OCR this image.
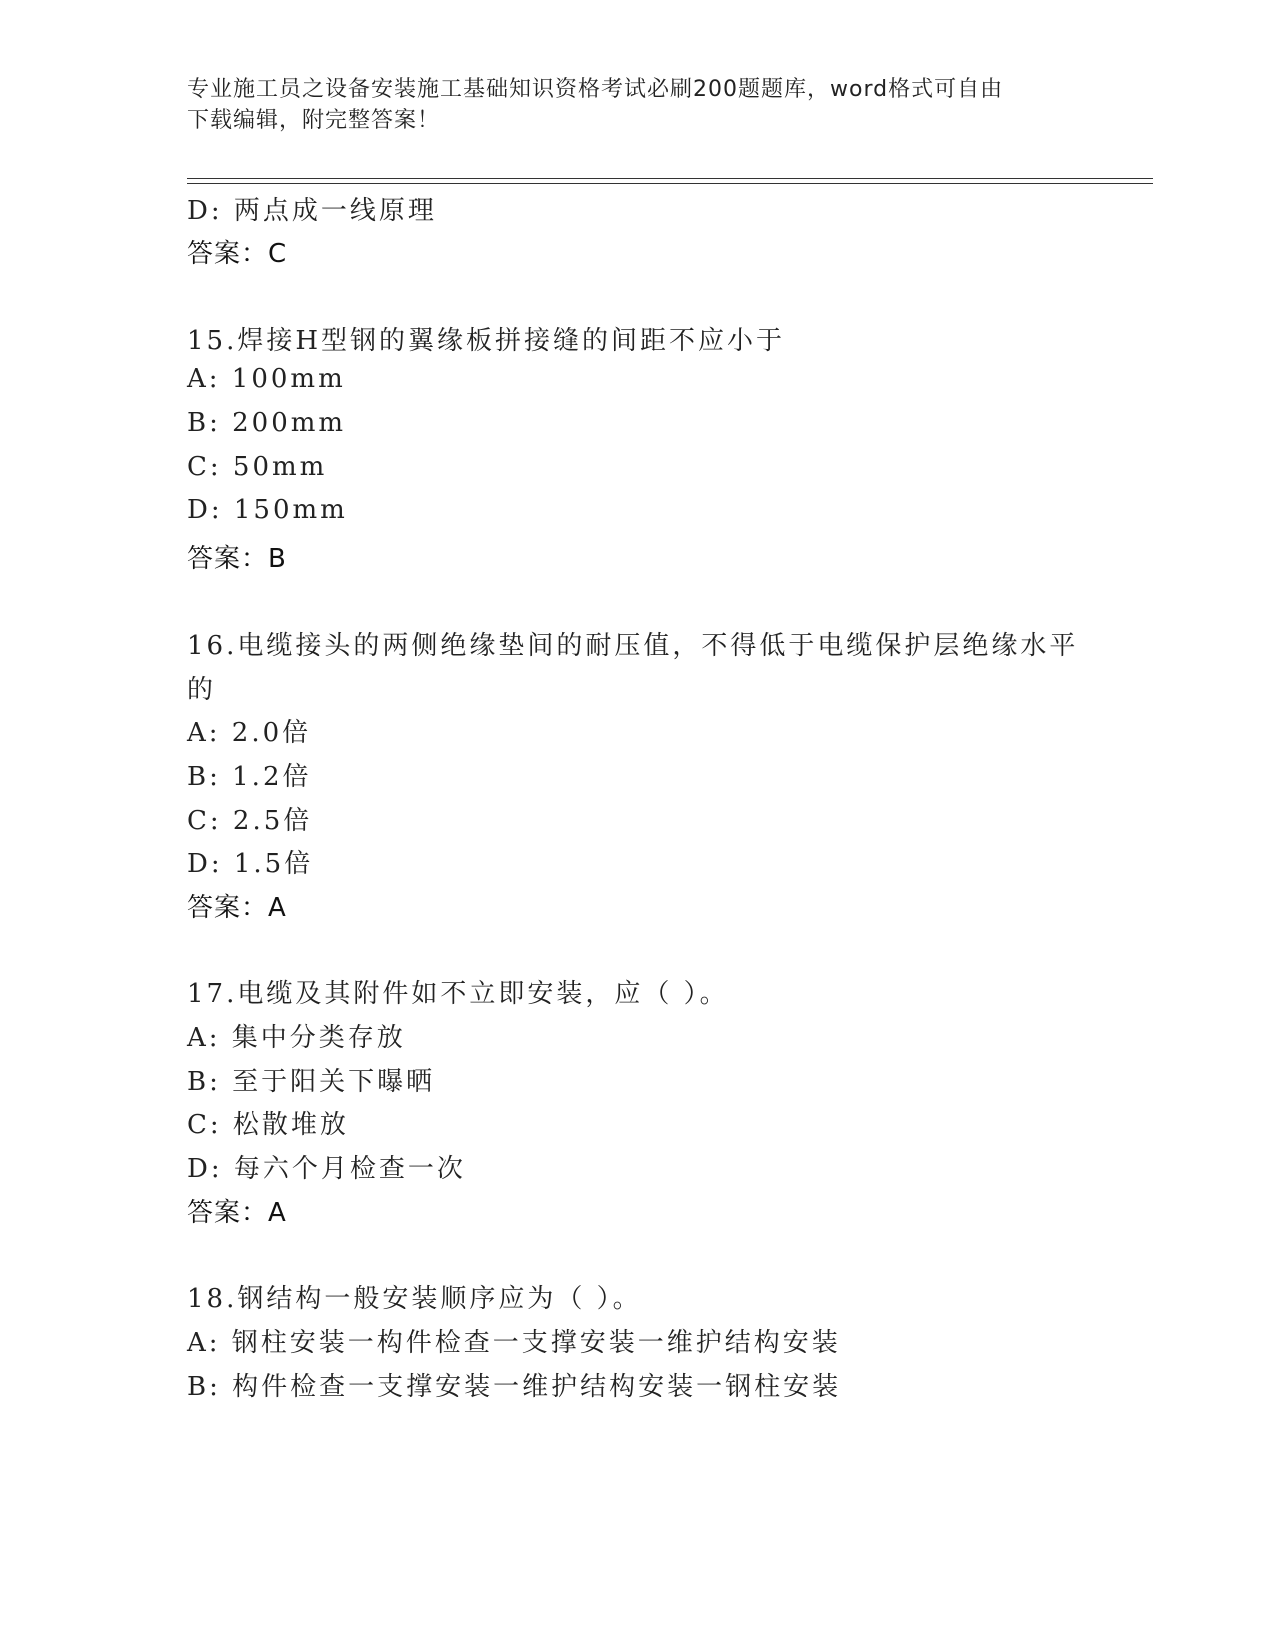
专业施工员之设备安装施工基础知识资格考试必刷200题题库，word格式可自由
下载编辑，附完整答案！
D: 两点成一线原理
答案：C
15.焊接H型钢的翼缘板拼接缝的间距不应小于
A: 100mm
B: 200mm
C: 50mm
D: 150mm
答案：B
16.电缆接头的两侧绝缘垫间的耐压值，不得低于电缆保护层绝缘水平
的
A: 2.0倍
B: 1.2倍
C: 2.5倍
D: 1.5倍
答案：A
17.电缆及其附件如不立即安装，应（ ）。
A: 集中分类存放
B: 至于阳关下曝晒
C: 松散堆放
D: 每六个月检查一次
答案：A
18.钢结构一般安装顺序应为（ ）。
A: 钢柱安装一构件检查一支撑安装一维护结构安装
B: 构件检查一支撑安装一维护结构安装一钢柱安装
